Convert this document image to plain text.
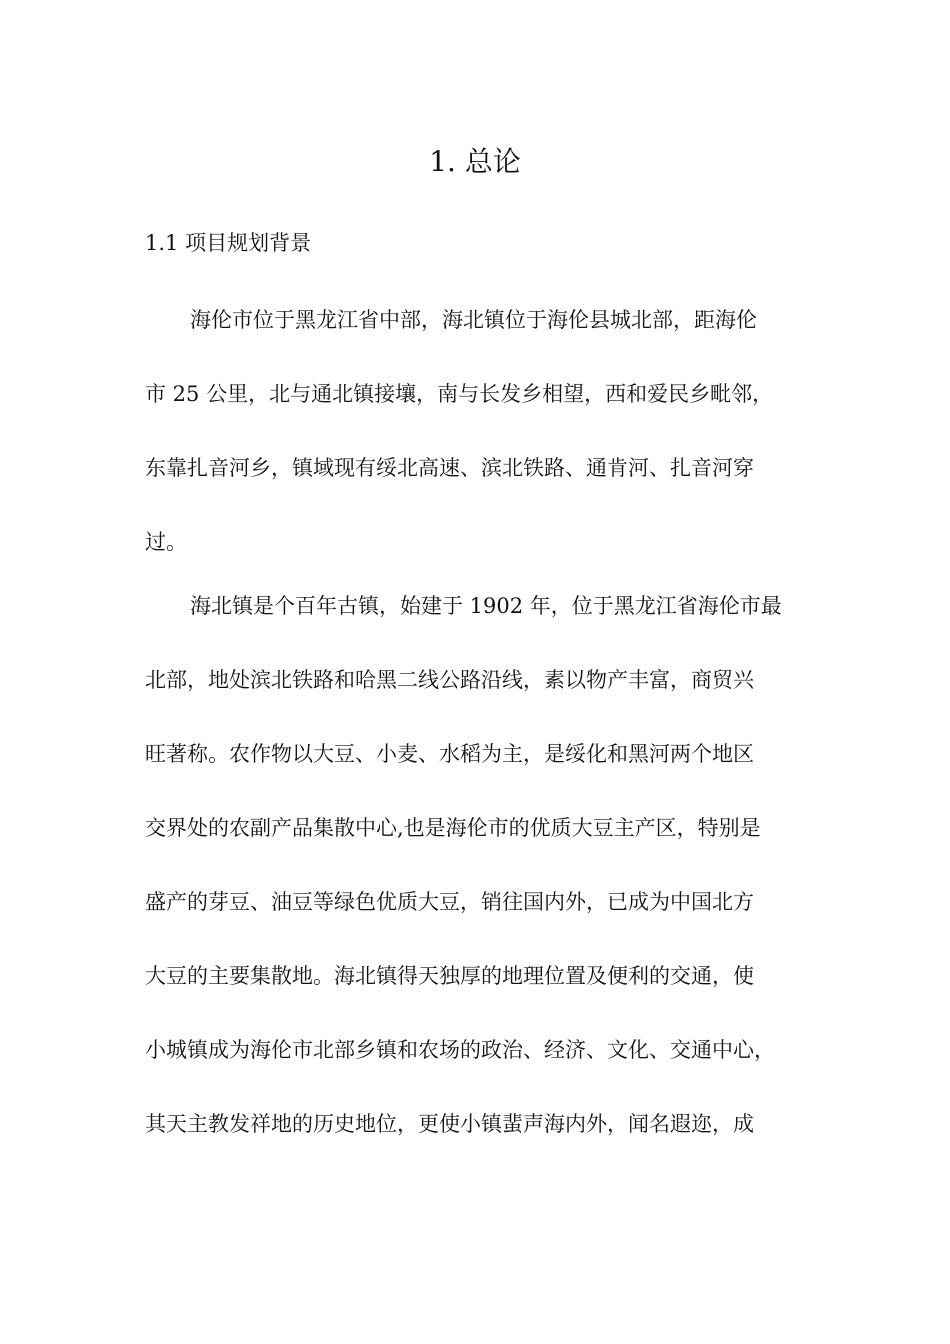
1. 总论
1.1 项目规划背景
海伦市位于黑龙江省中部，海北镇位于海伦县城北部，距海伦
市 25 公里，北与通北镇接壤，南与长发乡相望，西和爱民乡毗邻，
东靠扎音河乡，镇域现有绥北高速、滨北铁路、通肯河、扎音河穿
过。
海北镇是个百年古镇，始建于 1902 年，位于黑龙江省海伦市最
北部，地处滨北铁路和哈黑二线公路沿线，素以物产丰富，商贸兴
旺著称。农作物以大豆、小麦、水稻为主，是绥化和黑河两个地区
交界处的农副产品集散中心,也是海伦市的优质大豆主产区，特别是
盛产的芽豆、油豆等绿色优质大豆，销往国内外，已成为中国北方
大豆的主要集散地。海北镇得天独厚的地理位置及便利的交通，使
小城镇成为海伦市北部乡镇和农场的政治、经济、文化、交通中心，
其天主教发祥地的历史地位，更使小镇蜚声海内外，闻名遐迩，成
